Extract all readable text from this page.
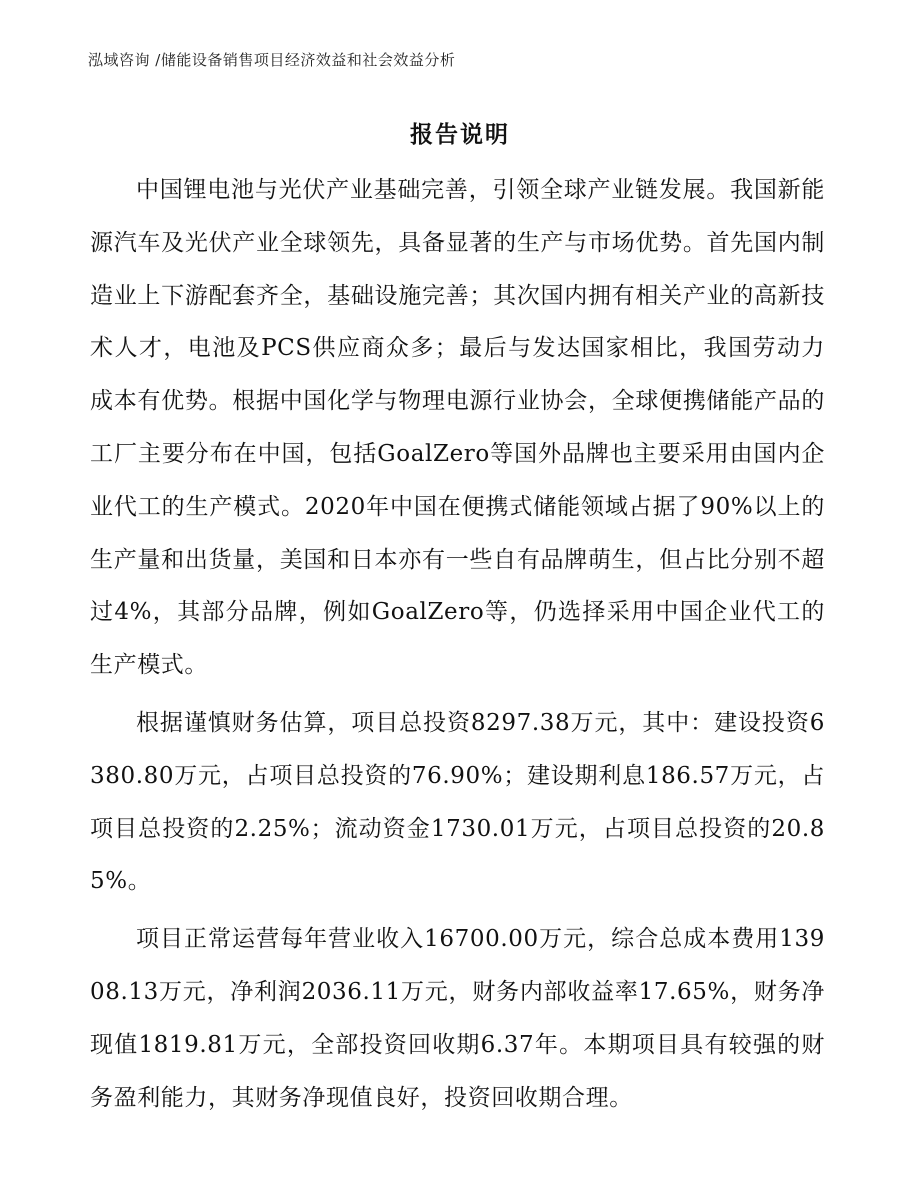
泓域咨询 /储能设备销售项目经济效益和社会效益分析
报告说明

中国锂电池与光伏产业基础完善，引领全球产业链发展。我国新能源汽车及光伏产业全球领先，具备显著的生产与市场优势。首先国内制造业上下游配套齐全，基础设施完善；其次国内拥有相关产业的高新技术人才，电池及PCS供应商众多；最后与发达国家相比，我国劳动力成本有优势。根据中国化学与物理电源行业协会，全球便携储能产品的工厂主要分布在中国，包括GoalZero等国外品牌也主要采用由国内企业代工的生产模式。2020年中国在便携式储能领域占据了90%以上的生产量和出货量，美国和日本亦有一些自有品牌萌生，但占比分别不超过4%，其部分品牌，例如GoalZero等，仍选择采用中国企业代工的生产模式。

根据谨慎财务估算，项目总投资8297.38万元，其中：建设投资6380.80万元，占项目总投资的76.90%；建设期利息186.57万元，占项目总投资的2.25%；流动资金1730.01万元，占项目总投资的20.85%。

项目正常运营每年营业收入16700.00万元，综合总成本费用13908.13万元，净利润2036.11万元，财务内部收益率17.65%，财务净现值1819.81万元，全部投资回收期6.37年。本期项目具有较强的财务盈利能力，其财务净现值良好，投资回收期合理。
